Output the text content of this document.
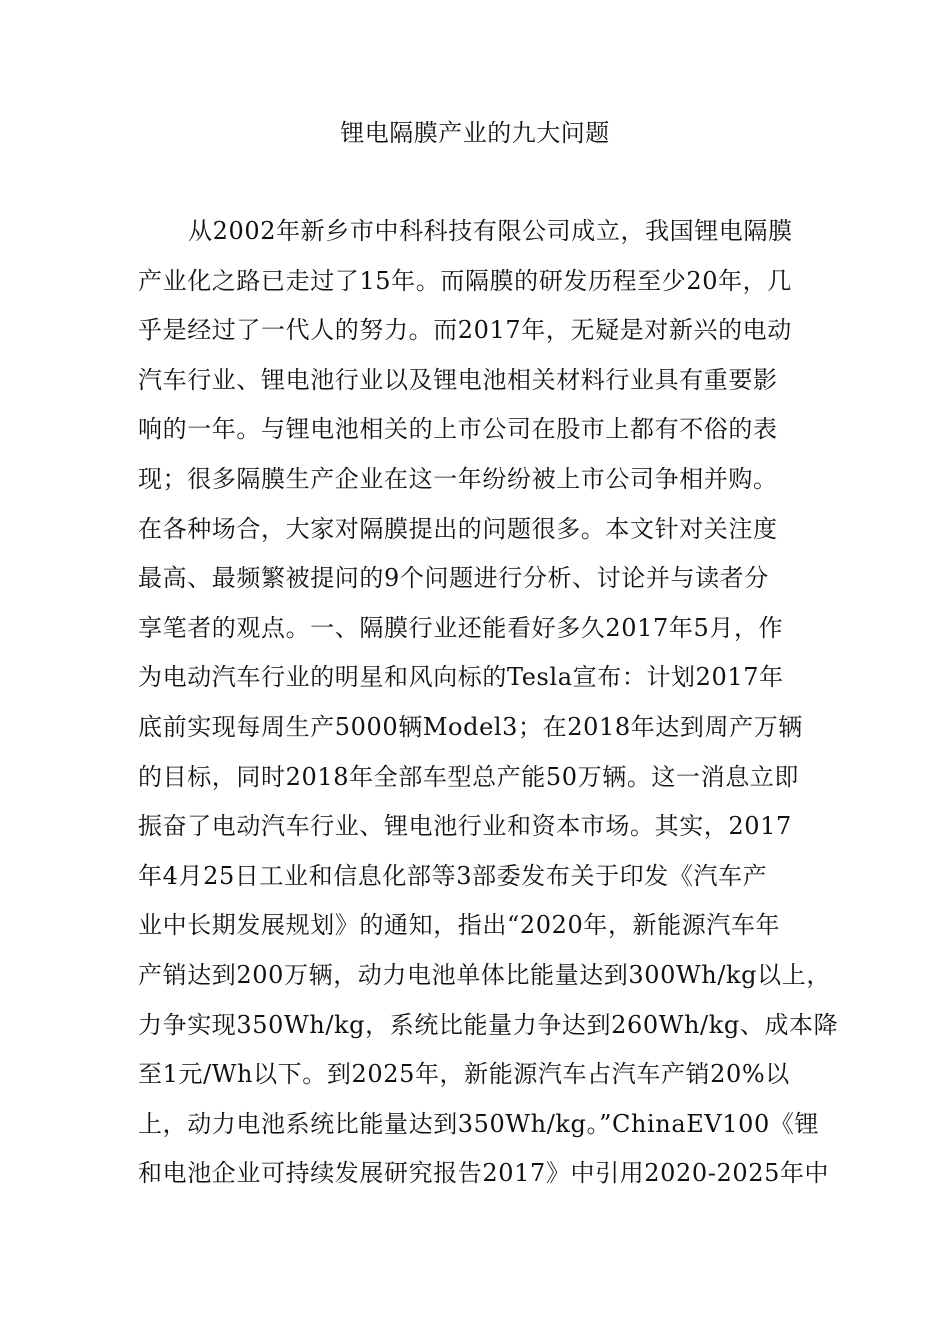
锂电隔膜产业的九大问题
从2002年新乡市中科科技有限公司成立，我国锂电隔膜
产业化之路已走过了15年。而隔膜的研发历程至少20年，几
乎是经过了一代人的努力。而2017年，无疑是对新兴的电动
汽车行业、锂电池行业以及锂电池相关材料行业具有重要影
响的一年。与锂电池相关的上市公司在股市上都有不俗的表
现；很多隔膜生产企业在这一年纷纷被上市公司争相并购。
在各种场合，大家对隔膜提出的问题很多。本文针对关注度
最高、最频繁被提问的9个问题进行分析、讨论并与读者分
享笔者的观点。一、隔膜行业还能看好多久2017年5月，作
为电动汽车行业的明星和风向标的Tesla宣布：计划2017年
底前实现每周生产5000辆Model3；在2018年达到周产万辆
的目标，同时2018年全部车型总产能50万辆。这一消息立即
振奋了电动汽车行业、锂电池行业和资本市场。其实，2017
年4月25日工业和信息化部等3部委发布关于印发《汽车产
业中长期发展规划》的通知，指出“2020年，新能源汽车年
产销达到200万辆，动力电池单体比能量达到300Wh/kg以上，
力争实现350Wh/kg，系统比能量力争达到260Wh/kg、成本降
至1元/Wh以下。到2025年，新能源汽车占汽车产销20%以
上，动力电池系统比能量达到350Wh/kg。”ChinaEV100《锂
和电池企业可持续发展研究报告2017》中引用2020-2025年中
